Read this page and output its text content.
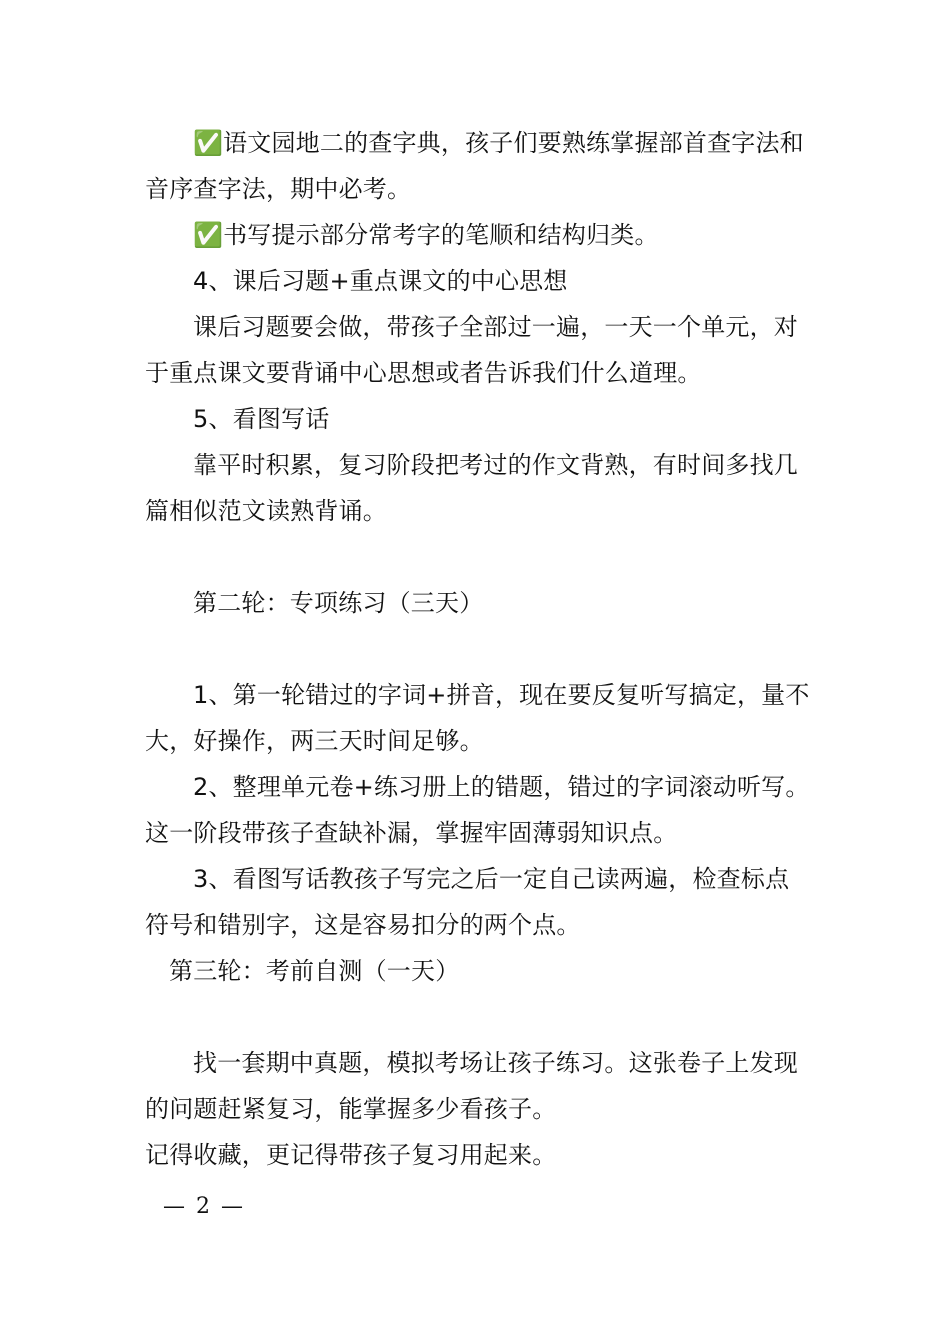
✅语文园地二的查字典，孩子们要熟练掌握部首查字法和音序查字法，期中必考。

✅书写提示部分常考字的笔顺和结构归类。

4、课后习题+重点课文的中心思想

课后习题要会做，带孩子全部过一遍，一天一个单元，对于重点课文要背诵中心思想或者告诉我们什么道理。

5、看图写话

靠平时积累，复习阶段把考过的作文背熟，有时间多找几篇相似范文读熟背诵。

第二轮：专项练习（三天）

1、第一轮错过的字词+拼音，现在要反复听写搞定，量不大，好操作，两三天时间足够。

2、整理单元卷+练习册上的错题，错过的字词滚动听写。这一阶段带孩子查缺补漏，掌握牢固薄弱知识点。

3、看图写话教孩子写完之后一定自己读两遍，检查标点符号和错别字，这是容易扣分的两个点。

第三轮：考前自测（一天）

找一套期中真题，模拟考场让孩子练习。这张卷子上发现的问题赶紧复习，能掌握多少看孩子。

记得收藏，更记得带孩子复习用起来。

— 2 —
